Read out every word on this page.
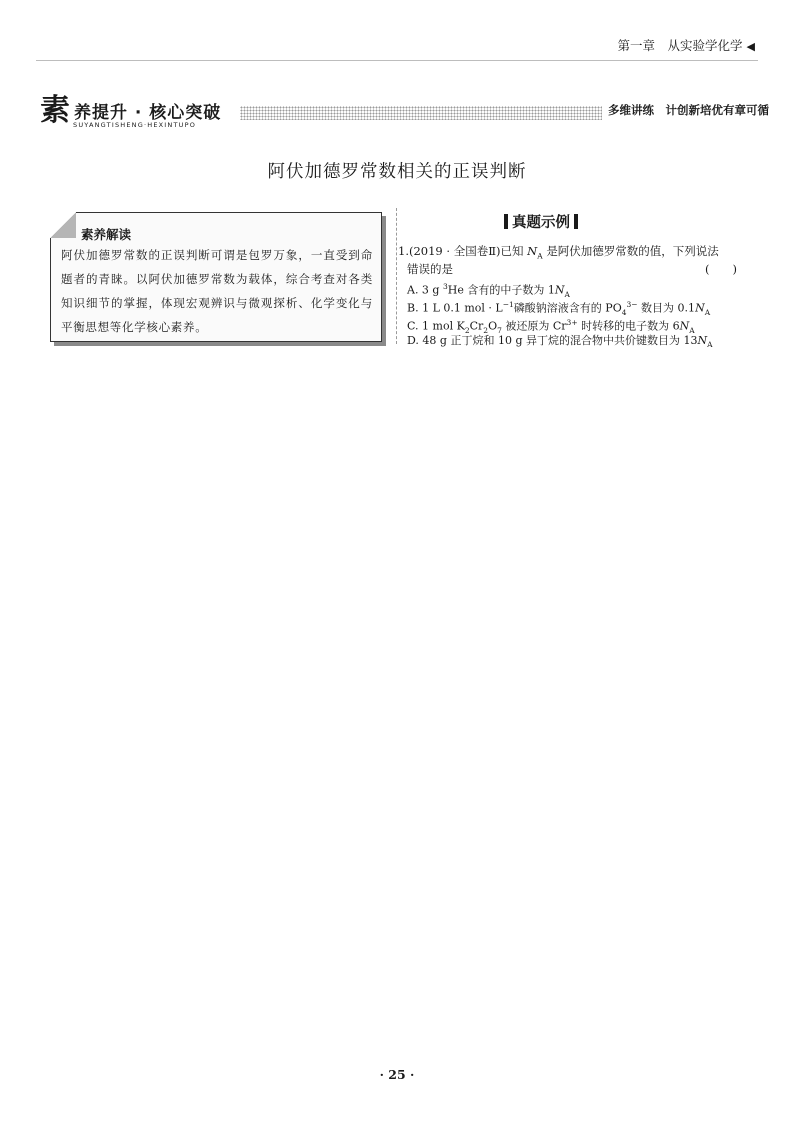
第一章　从实验学化学 ◀
素 养提升 · 核心突破
SUYANGTISHENG·HEXINTUPO
多维讲练　计创新培优有章可循
阿伏加德罗常数相关的正误判断
素养解读
阿伏加德罗常数的正误判断可谓是包罗万象，一直受到命题者的青睐。以阿伏加德罗常数为载体，综合考查对各类知识细节的掌握，体现宏观辨识与微观探析、化学变化与平衡思想等化学核心素养。
真题示例
1.(2019 · 全国卷Ⅱ)已知 $N_A$ 是阿伏加德罗常数的值，下列说法
错误的是	(　　)
A. 3 g $^3$He 含有的中子数为 $1N_A$
B. 1 L 0.1 mol · $L^{-1}$磷酸钠溶液含有的 $PO_4^{3-}$ 数目为 $0.1N_A$
C. 1 mol $K_2Cr_2O_7$ 被还原为 $Cr^{3+}$ 时转移的电子数为 $6N_A$
D. 48 g 正丁烷和 10 g 异丁烷的混合物中共价键数目为 $13N_A$
· 25 ·
